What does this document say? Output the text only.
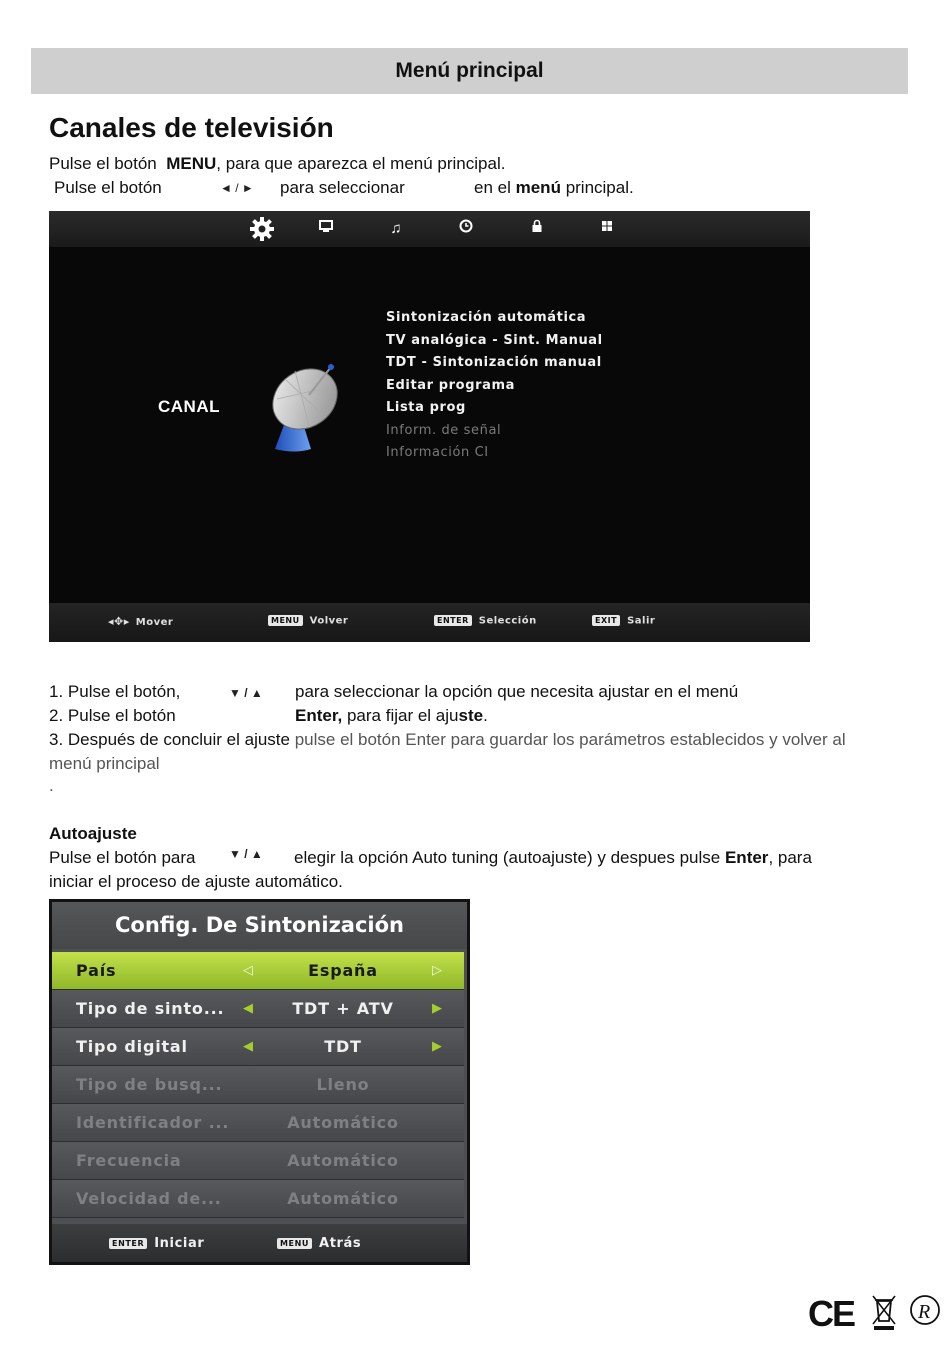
Menú principal
Canales de televisión
Pulse el botón MENU, para que aparezca el menú principal.
Pulse el botón	◄ / ► para seleccionar	en el menú principal.
♫
CANAL
Sintonización automática
TV analógica - Sint. Manual
TDT - Sintonización manual
Editar programa
Lista prog
Inform. de señal
Información CI
◂✥▸ Mover	MENU Volver	ENTER Selección	EXIT Salir
1. Pulse el botón,	▼ / ▲ para seleccionar la opción que necesita ajustar en el menú
2. Pulse el botón	Enter, para fijar el ajuste.
3. Después de concluir el ajuste pulse el botón Enter para guardar los parámetros establecidos y volver al
menú principal
.
Autoajuste
Pulse el botón para	▼ / ▲ elegir la opción Auto tuning (autoajuste) y despues pulse Enter, para
iniciar el proceso de ajuste automático.
Config. De Sintonización
País	◁	España	▷
Tipo de sinto... ◀	TDT + ATV	▶
Tipo digital	◀	TDT	▶
Tipo de busq...	Lleno
Identificador ...	Automático
Frecuencia	Automático
Velocidad de...	Automático
ENTER Iniciar	MENU Atrás
CE	R
